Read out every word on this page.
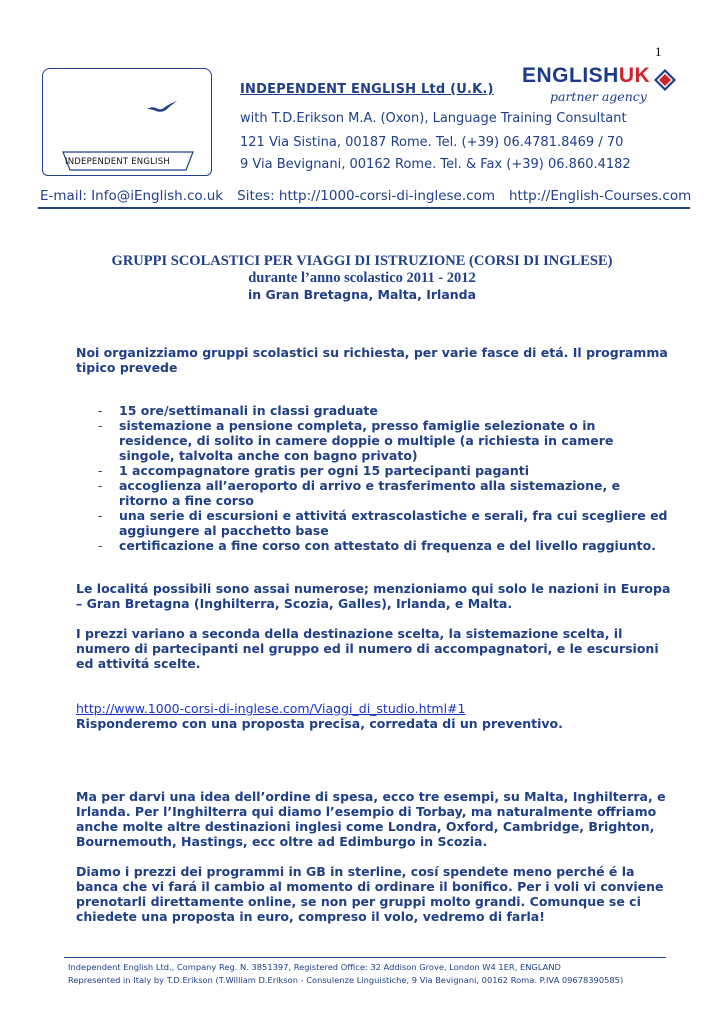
1
INDEPENDENT ENGLISH
INDEPENDENT ENGLISH Ltd (U.K.)
ENGLISHUK
partner agency
with T.D.Erikson M.A. (Oxon), Language Training Consultant
121 Via Sistina, 00187 Rome. Tel. (+39) 06.4781.8469 / 70
9 Via Bevignani, 00162 Rome. Tel. & Fax (+39) 06.860.4182
E-mail: Info@iEnglish.co.uk Sites: http://1000-corsi-di-inglese.com http://English-Courses.com
GRUPPI SCOLASTICI PER VIAGGI DI ISTRUZIONE (CORSI DI INGLESE)
durante l’anno scolastico 2011 - 2012
in Gran Bretagna, Malta, Irlanda

Noi organizziamo gruppi scolastici su richiesta, per varie fasce di etá. Il programma tipico prevede

- 15 ore/settimanali in classi graduate
- sistemazione a pensione completa, presso famiglie selezionate o in residence, di solito in camere doppie o multiple (a richiesta in camere singole, talvolta anche con bagno privato)
- 1 accompagnatore gratis per ogni 15 partecipanti paganti
- accoglienza all’aeroporto di arrivo e trasferimento alla sistemazione, e ritorno a fine corso
- una serie di escursioni e attivitá extrascolastiche e serali, fra cui scegliere ed aggiungere al pacchetto base
- certificazione a fine corso con attestato di frequenza e del livello raggiunto.

Le localitá possibili sono assai numerose; menzioniamo qui solo le nazioni in Europa – Gran Bretagna (Inghilterra, Scozia, Galles), Irlanda, e Malta.

I prezzi variano a seconda della destinazione scelta, la sistemazione scelta, il numero di partecipanti nel gruppo ed il numero di accompagnatori, e le escursioni ed attivitá scelte.

http://www.1000-corsi-di-inglese.com/Viaggi_di_studio.html#1
Risponderemo con una proposta precisa, corredata di un preventivo.

Ma per darvi una idea dell’ordine di spesa, ecco tre esempi, su Malta, Inghilterra, e Irlanda. Per l’Inghilterra qui diamo l’esempio di Torbay, ma naturalmente offriamo anche molte altre destinazioni inglesi come Londra, Oxford, Cambridge, Brighton, Bournemouth, Hastings, ecc oltre ad Edimburgo in Scozia.

Diamo i prezzi dei programmi in GB in sterline, cosí spendete meno perché é la banca che vi fará il cambio al momento di ordinare il bonifico. Per i voli vi conviene prenotarli direttamente online, se non per gruppi molto grandi. Comunque se ci chiedete una proposta in euro, compreso il volo, vedremo di farla!

Independent English Ltd., Company Reg. N. 3851397, Registered Office: 32 Addison Grove, London W4 1ER, ENGLAND
Represented in Italy by T.D.Erikson (T.William D.Erikson - Consulenze Linguistiche, 9 Via Bevignani, 00162 Roma. P.IVA 09678390585)
